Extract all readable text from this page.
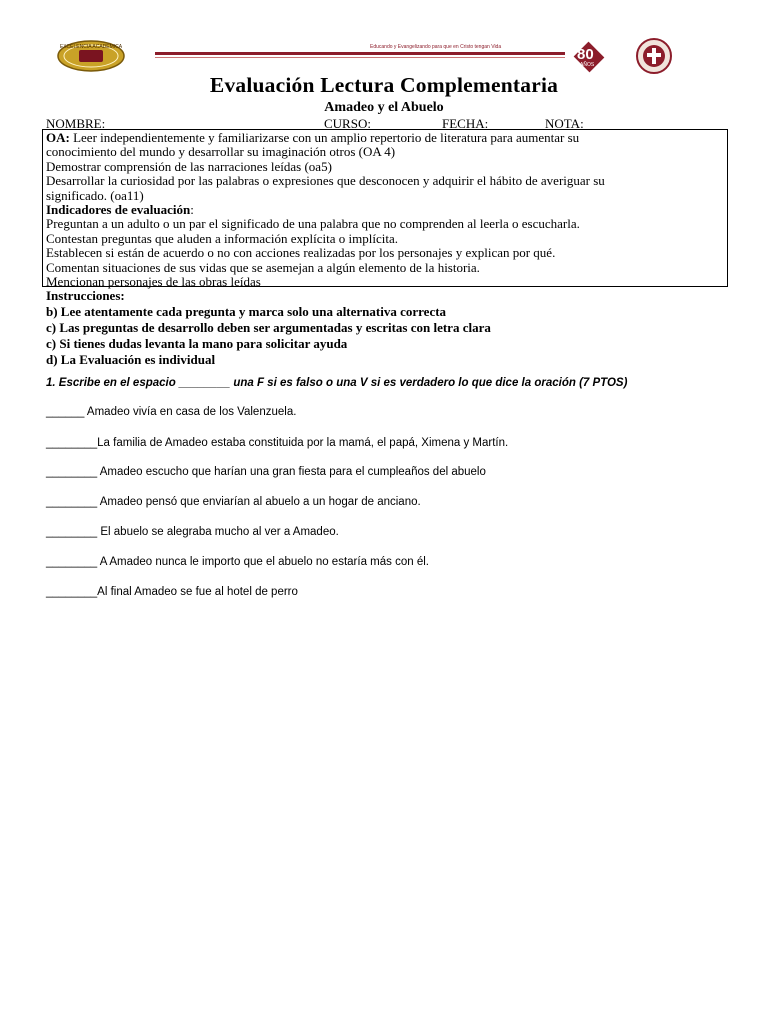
EXCELENCIA ACADEMICA	Educando y Evangelizando para que en Cristo tengan Vida	80
AÑOS
Evaluación Lectura Complementaria
Amadeo y el Abuelo
NOMBRE:	CURSO:	FECHA:	NOTA:
OA: Leer independientemente y familiarizarse con un amplio repertorio de literatura para aumentar su
conocimiento del mundo y desarrollar su imaginación otros (OA 4)
Demostrar comprensión de las narraciones leídas (oa5)
Desarrollar la curiosidad por las palabras o expresiones que desconocen y adquirir el hábito de averiguar su
significado. (oa11)
Indicadores de evaluación:
Preguntan a un adulto o un par el significado de una palabra que no comprenden al leerla o escucharla.
Contestan preguntas que aluden a información explícita o implícita.
Establecen si están de acuerdo o no con acciones realizadas por los personajes y explican por qué.
Comentan situaciones de sus vidas que se asemejan a algún elemento de la historia.
Mencionan personajes de las obras leídas
Instrucciones:
b) Lee atentamente cada pregunta y marca solo una alternativa correcta
c) Las preguntas de desarrollo deben ser argumentadas y escritas con letra clara
c) Si tienes dudas levanta la mano para solicitar ayuda
d) La Evaluación es individual
1. Escribe en el espacio ________ una F si es falso o una V si es verdadero lo que dice la oración (7 PTOS)
______ Amadeo vivía en casa de los Valenzuela.
________La familia de Amadeo estaba constituida por la mamá, el papá, Ximena y Martín.
________ Amadeo escucho que harían una gran fiesta para el cumpleaños del abuelo
________ Amadeo pensó que enviarían al abuelo a un hogar de anciano.
________ El abuelo se alegraba mucho al ver a Amadeo.
________ A Amadeo nunca le importo que el abuelo no estaría más con él.
________Al final Amadeo se fue al hotel de perro
